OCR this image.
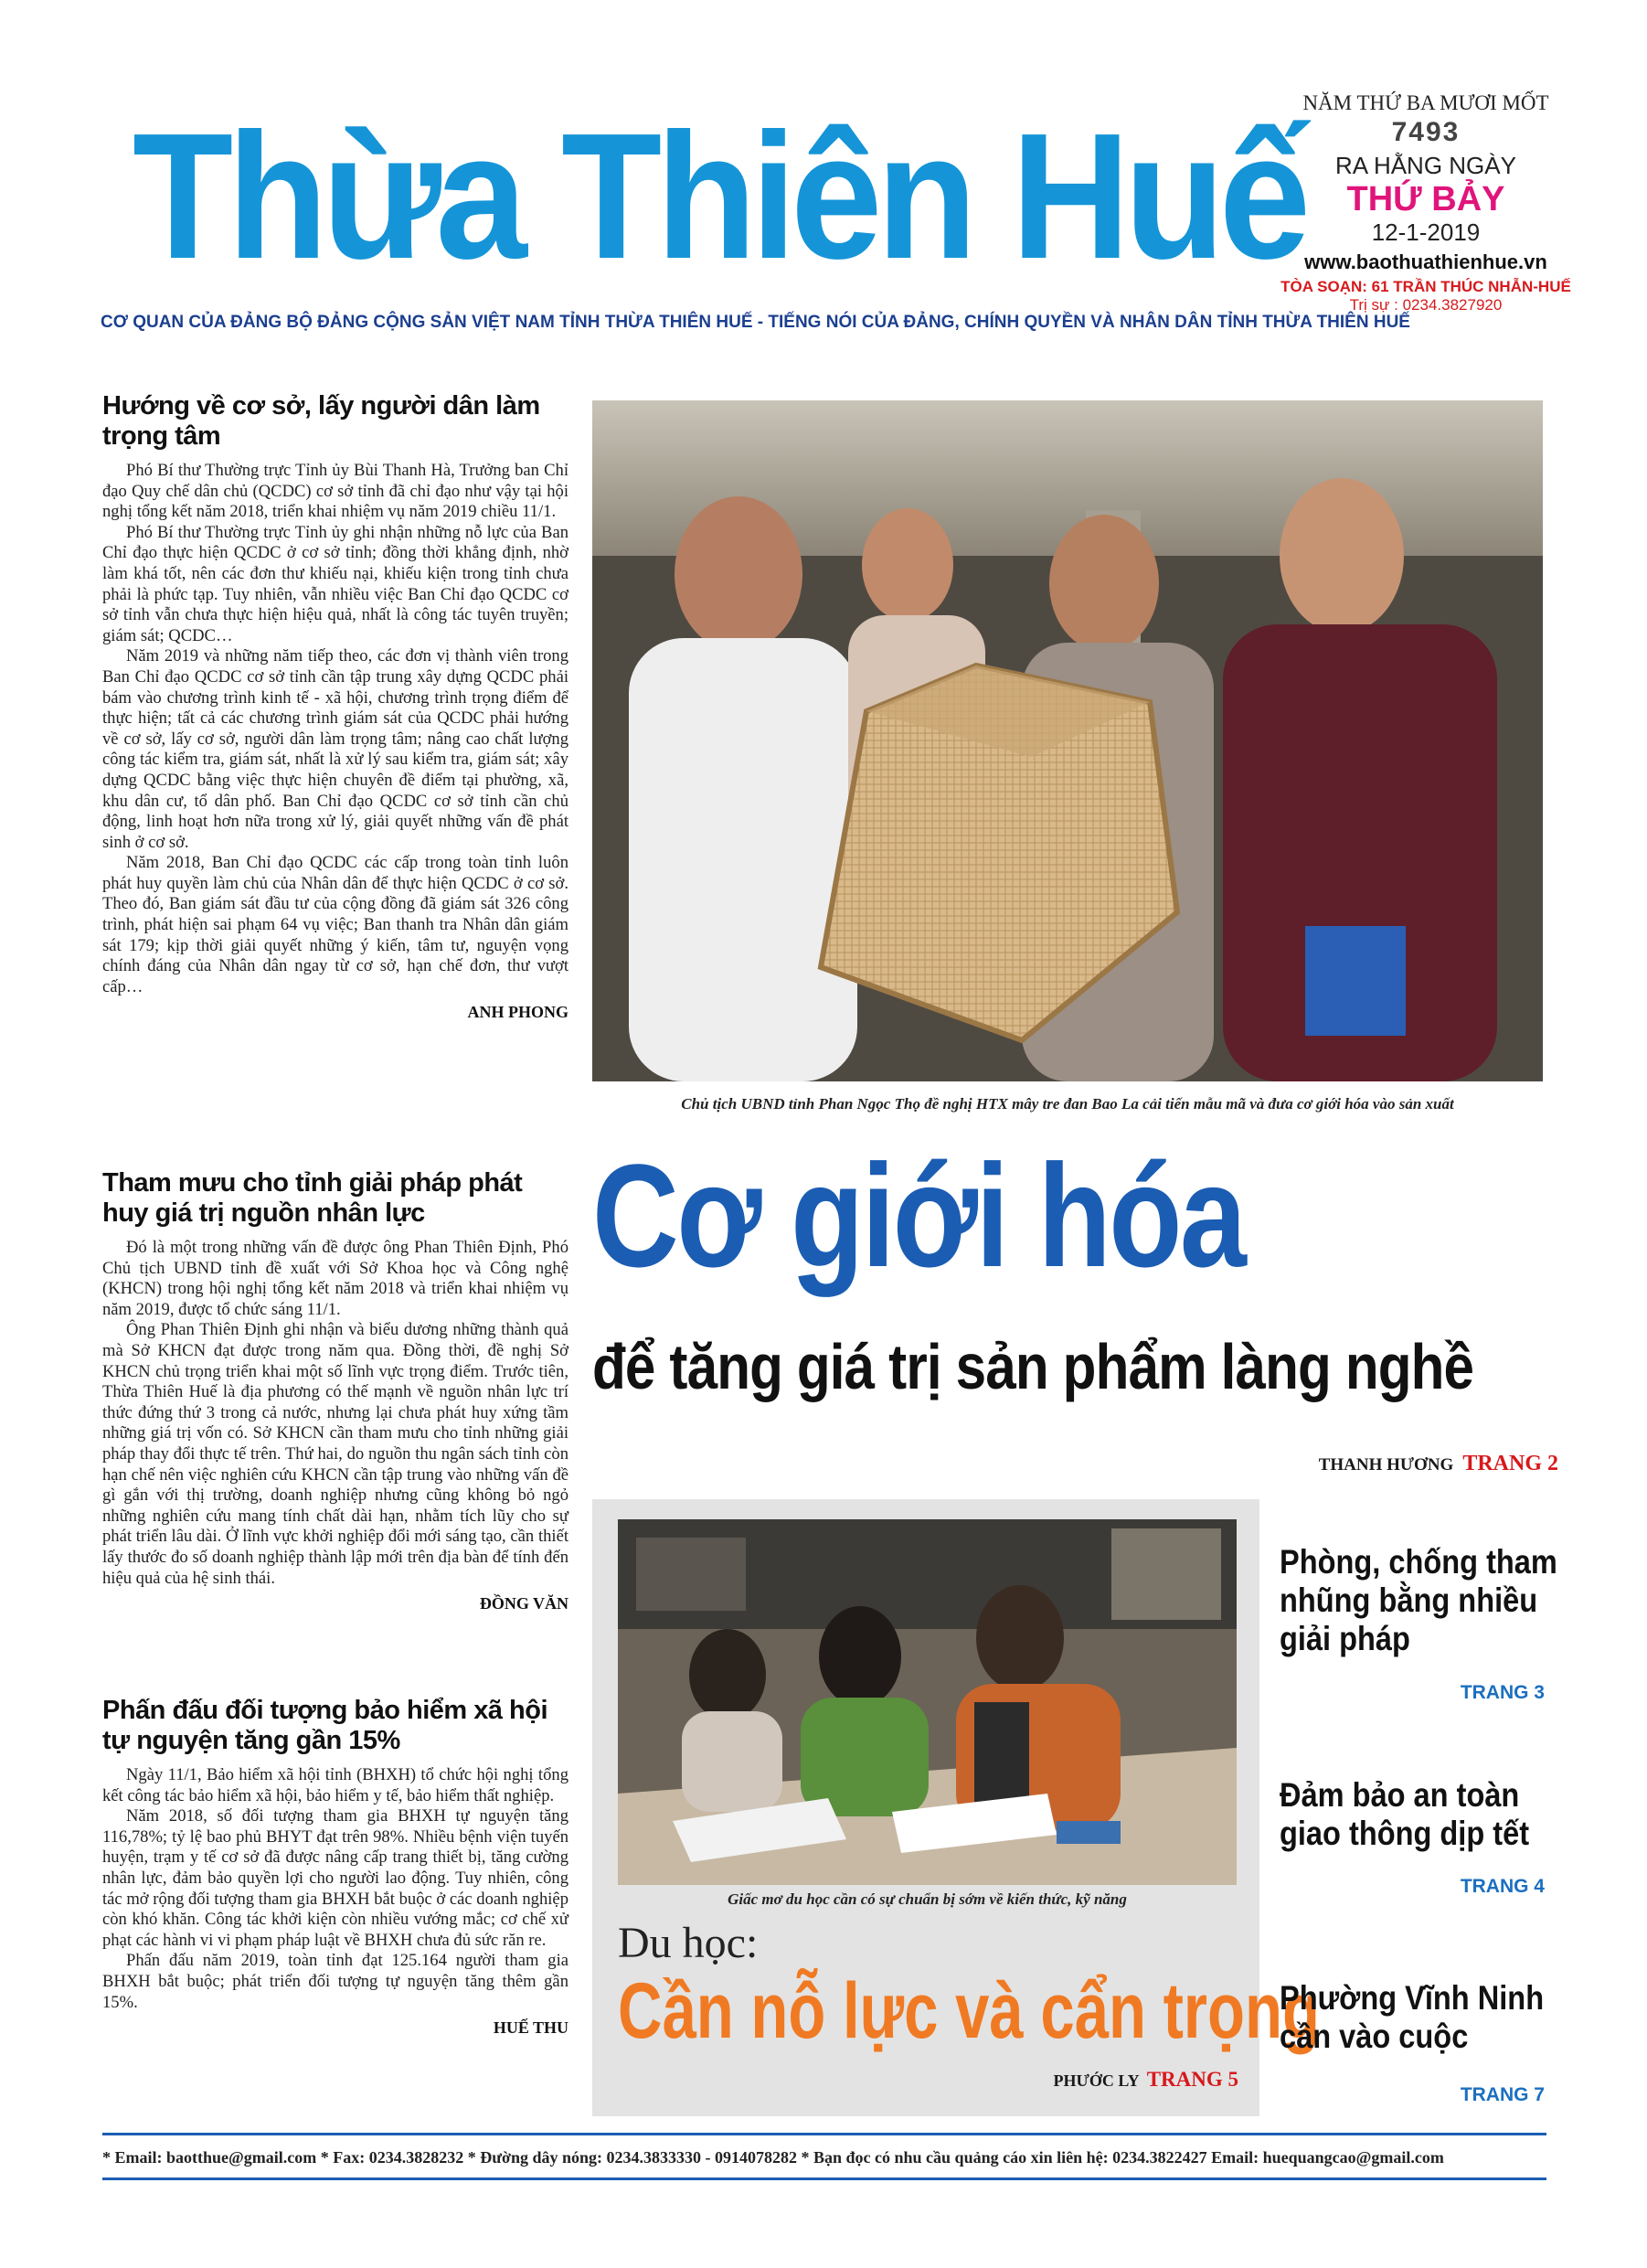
Thừa Thiên Huế
CƠ QUAN CỦA ĐẢNG BỘ ĐẢNG CỘNG SẢN VIỆT NAM TỈNH THỪA THIÊN HUẾ - TIẾNG NÓI CỦA ĐẢNG, CHÍNH QUYỀN VÀ NHÂN DÂN TỈNH THỪA THIÊN HUẾ
NĂM THỨ BA MƯƠI MỐT
7493
RA HẰNG NGÀY
THỨ BẢY
12-1-2019
www.baothuathienhue.vn
TÒA SOẠN: 61 TRẦN THÚC NHẪN-HUẾ
Trị sự : 0234.3827920
Hướng về cơ sở, lấy người dân làm trọng tâm

Phó Bí thư Thường trực Tỉnh ủy Bùi Thanh Hà, Trưởng ban Chỉ đạo Quy chế dân chủ (QCDC) cơ sở tỉnh đã chỉ đạo như vậy tại hội nghị tổng kết năm 2018, triển khai nhiệm vụ năm 2019 chiều 11/1.

Phó Bí thư Thường trực Tỉnh ủy ghi nhận những nỗ lực của Ban Chỉ đạo thực hiện QCDC ở cơ sở tỉnh; đồng thời khẳng định, nhờ làm khá tốt, nên các đơn thư khiếu nại, khiếu kiện trong tỉnh chưa phải là phức tạp. Tuy nhiên, vẫn nhiều việc Ban Chỉ đạo QCDC cơ sở tỉnh vẫn chưa thực hiện hiệu quả, nhất là công tác tuyên truyền; giám sát; QCDC…

Năm 2019 và những năm tiếp theo, các đơn vị thành viên trong Ban Chỉ đạo QCDC cơ sở tỉnh cần tập trung xây dựng QCDC phải bám vào chương trình kinh tế - xã hội, chương trình trọng điểm để thực hiện; tất cả các chương trình giám sát của QCDC phải hướng về cơ sở, lấy cơ sở, người dân làm trọng tâm; nâng cao chất lượng công tác kiểm tra, giám sát, nhất là xử lý sau kiểm tra, giám sát; xây dựng QCDC bằng việc thực hiện chuyên đề điểm tại phường, xã, khu dân cư, tổ dân phố. Ban Chỉ đạo QCDC cơ sở tỉnh cần chủ động, linh hoạt hơn nữa trong xử lý, giải quyết những vấn đề phát sinh ở cơ sở.

Năm 2018, Ban Chỉ đạo QCDC các cấp trong toàn tỉnh luôn phát huy quyền làm chủ của Nhân dân để thực hiện QCDC ở cơ sở. Theo đó, Ban giám sát đầu tư của cộng đồng đã giám sát 326 công trình, phát hiện sai phạm 64 vụ việc; Ban thanh tra Nhân dân giám sát 179; kịp thời giải quyết những ý kiến, tâm tư, nguyện vọng chính đáng của Nhân dân ngay từ cơ sở, hạn chế đơn, thư vượt cấp…

ANH PHONG
Tham mưu cho tỉnh giải pháp phát huy giá trị nguồn nhân lực

Đó là một trong những vấn đề được ông Phan Thiên Định, Phó Chủ tịch UBND tỉnh đề xuất với Sở Khoa học và Công nghệ (KHCN) trong hội nghị tổng kết năm 2018 và triển khai nhiệm vụ năm 2019, được tổ chức sáng 11/1.

Ông Phan Thiên Định ghi nhận và biểu dương những thành quả mà Sở KHCN đạt được trong năm qua. Đồng thời, đề nghị Sở KHCN chủ trọng triển khai một số lĩnh vực trọng điểm. Trước tiên, Thừa Thiên Huế là địa phương có thế mạnh về nguồn nhân lực trí thức đứng thứ 3 trong cả nước, nhưng lại chưa phát huy xứng tầm những giá trị vốn có. Sở KHCN cần tham mưu cho tỉnh những giải pháp thay đổi thực tế trên. Thứ hai, do nguồn thu ngân sách tỉnh còn hạn chế nên việc nghiên cứu KHCN cần tập trung vào những vấn đề gì gắn với thị trường, doanh nghiệp nhưng cũng không bỏ ngỏ những nghiên cứu mang tính chất dài hạn, nhằm tích lũy cho sự phát triển lâu dài. Ở lĩnh vực khởi nghiệp đổi mới sáng tạo, cần thiết lấy thước đo số doanh nghiệp thành lập mới trên địa bàn để tính đến hiệu quả của hệ sinh thái.

ĐỒNG VĂN
Phấn đấu đối tượng bảo hiểm xã hội tự nguyện tăng gần 15%

Ngày 11/1, Bảo hiểm xã hội tỉnh (BHXH) tổ chức hội nghị tổng kết công tác bảo hiểm xã hội, bảo hiểm y tế, bảo hiểm thất nghiệp.

Năm 2018, số đối tượng tham gia BHXH tự nguyện tăng 116,78%; tỷ lệ bao phủ BHYT đạt trên 98%. Nhiều bệnh viện tuyến huyện, trạm y tế cơ sở đã được nâng cấp trang thiết bị, tăng cường nhân lực, đảm bảo quyền lợi cho người lao động. Tuy nhiên, công tác mở rộng đối tượng tham gia BHXH bắt buộc ở các doanh nghiệp còn khó khăn. Công tác khởi kiện còn nhiều vướng mắc; cơ chế xử phạt các hành vi vi phạm pháp luật về BHXH chưa đủ sức răn re.

Phấn đấu năm 2019, toàn tỉnh đạt 125.164 người tham gia BHXH bắt buộc; phát triển đối tượng tự nguyện tăng thêm gần 15%.

HUẾ THU
Chủ tịch UBND tỉnh Phan Ngọc Thọ đề nghị HTX mây tre đan Bao La cải tiến mẫu mã và đưa cơ giới hóa vào sản xuất
Cơ giới hóa
để tăng giá trị sản phẩm làng nghề
THANH HƯƠNG TRANG 2
Giấc mơ du học cần có sự chuẩn bị sớm về kiến thức, kỹ năng
Du học:
Cần nỗ lực và cẩn trọng
PHƯỚC LY TRANG 5
Phòng, chống tham
nhũng bằng nhiều
giải pháp
TRANG 3
Đảm bảo an toàn
giao thông dịp tết
TRANG 4
Phường Vĩnh Ninh
cần vào cuộc
TRANG 7
* Email: baotthue@gmail.com * Fax: 0234.3828232 * Đường dây nóng: 0234.3833330 - 0914078282 * Bạn đọc có nhu cầu quảng cáo xin liên hệ: 0234.3822427 Email: huequangcao@gmail.com
